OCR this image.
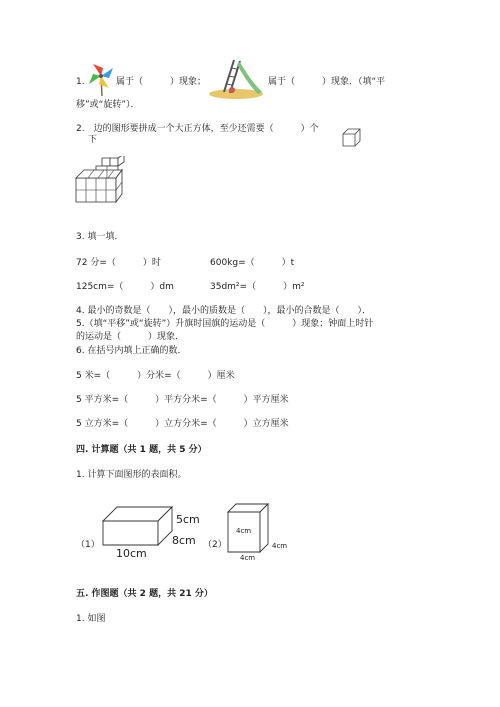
1.	属于（　　　）现象；	属于（　　　）现象．（填“平
移”或“旋转”）．
2.　边的图形要拼成一个大正方体，至少还需要（　　　）个
下
3. 填一填．
72 分=（　　　）时	600kg=（　　　）t
125cm=（　　　）dm	35dm²=（　　　）m²
4. 最小的奇数是（　　），最小的质数是（　　），最小的合数是（　　）．
5.（填“平移”或“旋转”）升旗时国旗的运动是（　　　）现象；钟面上时针
的运动是（　　　）现象．
6. 在括号内填上正确的数．
5 米=（　　　）分米=（　　　）厘米
5 平方米=（　　　）平方分米=（　　　）平方厘米
5 立方米=（　　　）立方分米=（　　　）立方厘米
四. 计算题（共 1 题，共 5 分）
1. 计算下面图形的表面积。
（1）
5cm
8cm
10cm
（2）
4cm
4cm
4cm
五. 作图题（共 2 题，共 21 分）
1. 如图
